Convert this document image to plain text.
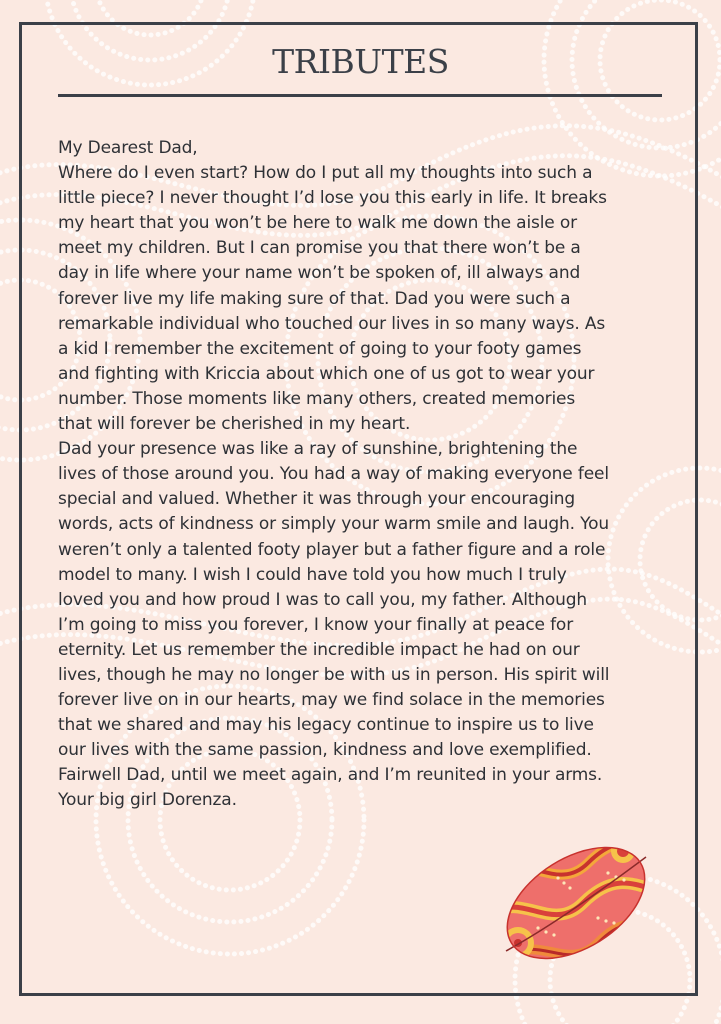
TRIBUTES

My Dearest Dad,

Where do I even start? How do I put all my thoughts into such a

little piece? I never thought I’d lose you this early in life. It breaks

my heart that you won’t be here to walk me down the aisle or

meet my children. But I can promise you that there won’t be a

day in life where your name won’t be spoken of, ill always and

forever live my life making sure of that. Dad you were such a

remarkable individual who touched our lives in so many ways. As

a kid I remember the excitement of going to your footy games

and fighting with Kriccia about which one of us got to wear your

number. Those moments like many others, created memories

that will forever be cherished in my heart.

Dad your presence was like a ray of sunshine, brightening the

lives of those around you. You had a way of making everyone feel

special and valued. Whether it was through your encouraging

words, acts of kindness or simply your warm smile and laugh. You

weren’t only a talented footy player but a father figure and a role

model to many. I wish I could have told you how much I truly

loved you and how proud I was to call you, my father. Although

I’m going to miss you forever, I know your finally at peace for

eternity. Let us remember the incredible impact he had on our

lives, though he may no longer be with us in person. His spirit will

forever live on in our hearts, may we find solace in the memories

that we shared and may his legacy continue to inspire us to live

our lives with the same passion, kindness and love exemplified.

Fairwell Dad, until we meet again, and I’m reunited in your arms.

Your big girl Dorenza.
